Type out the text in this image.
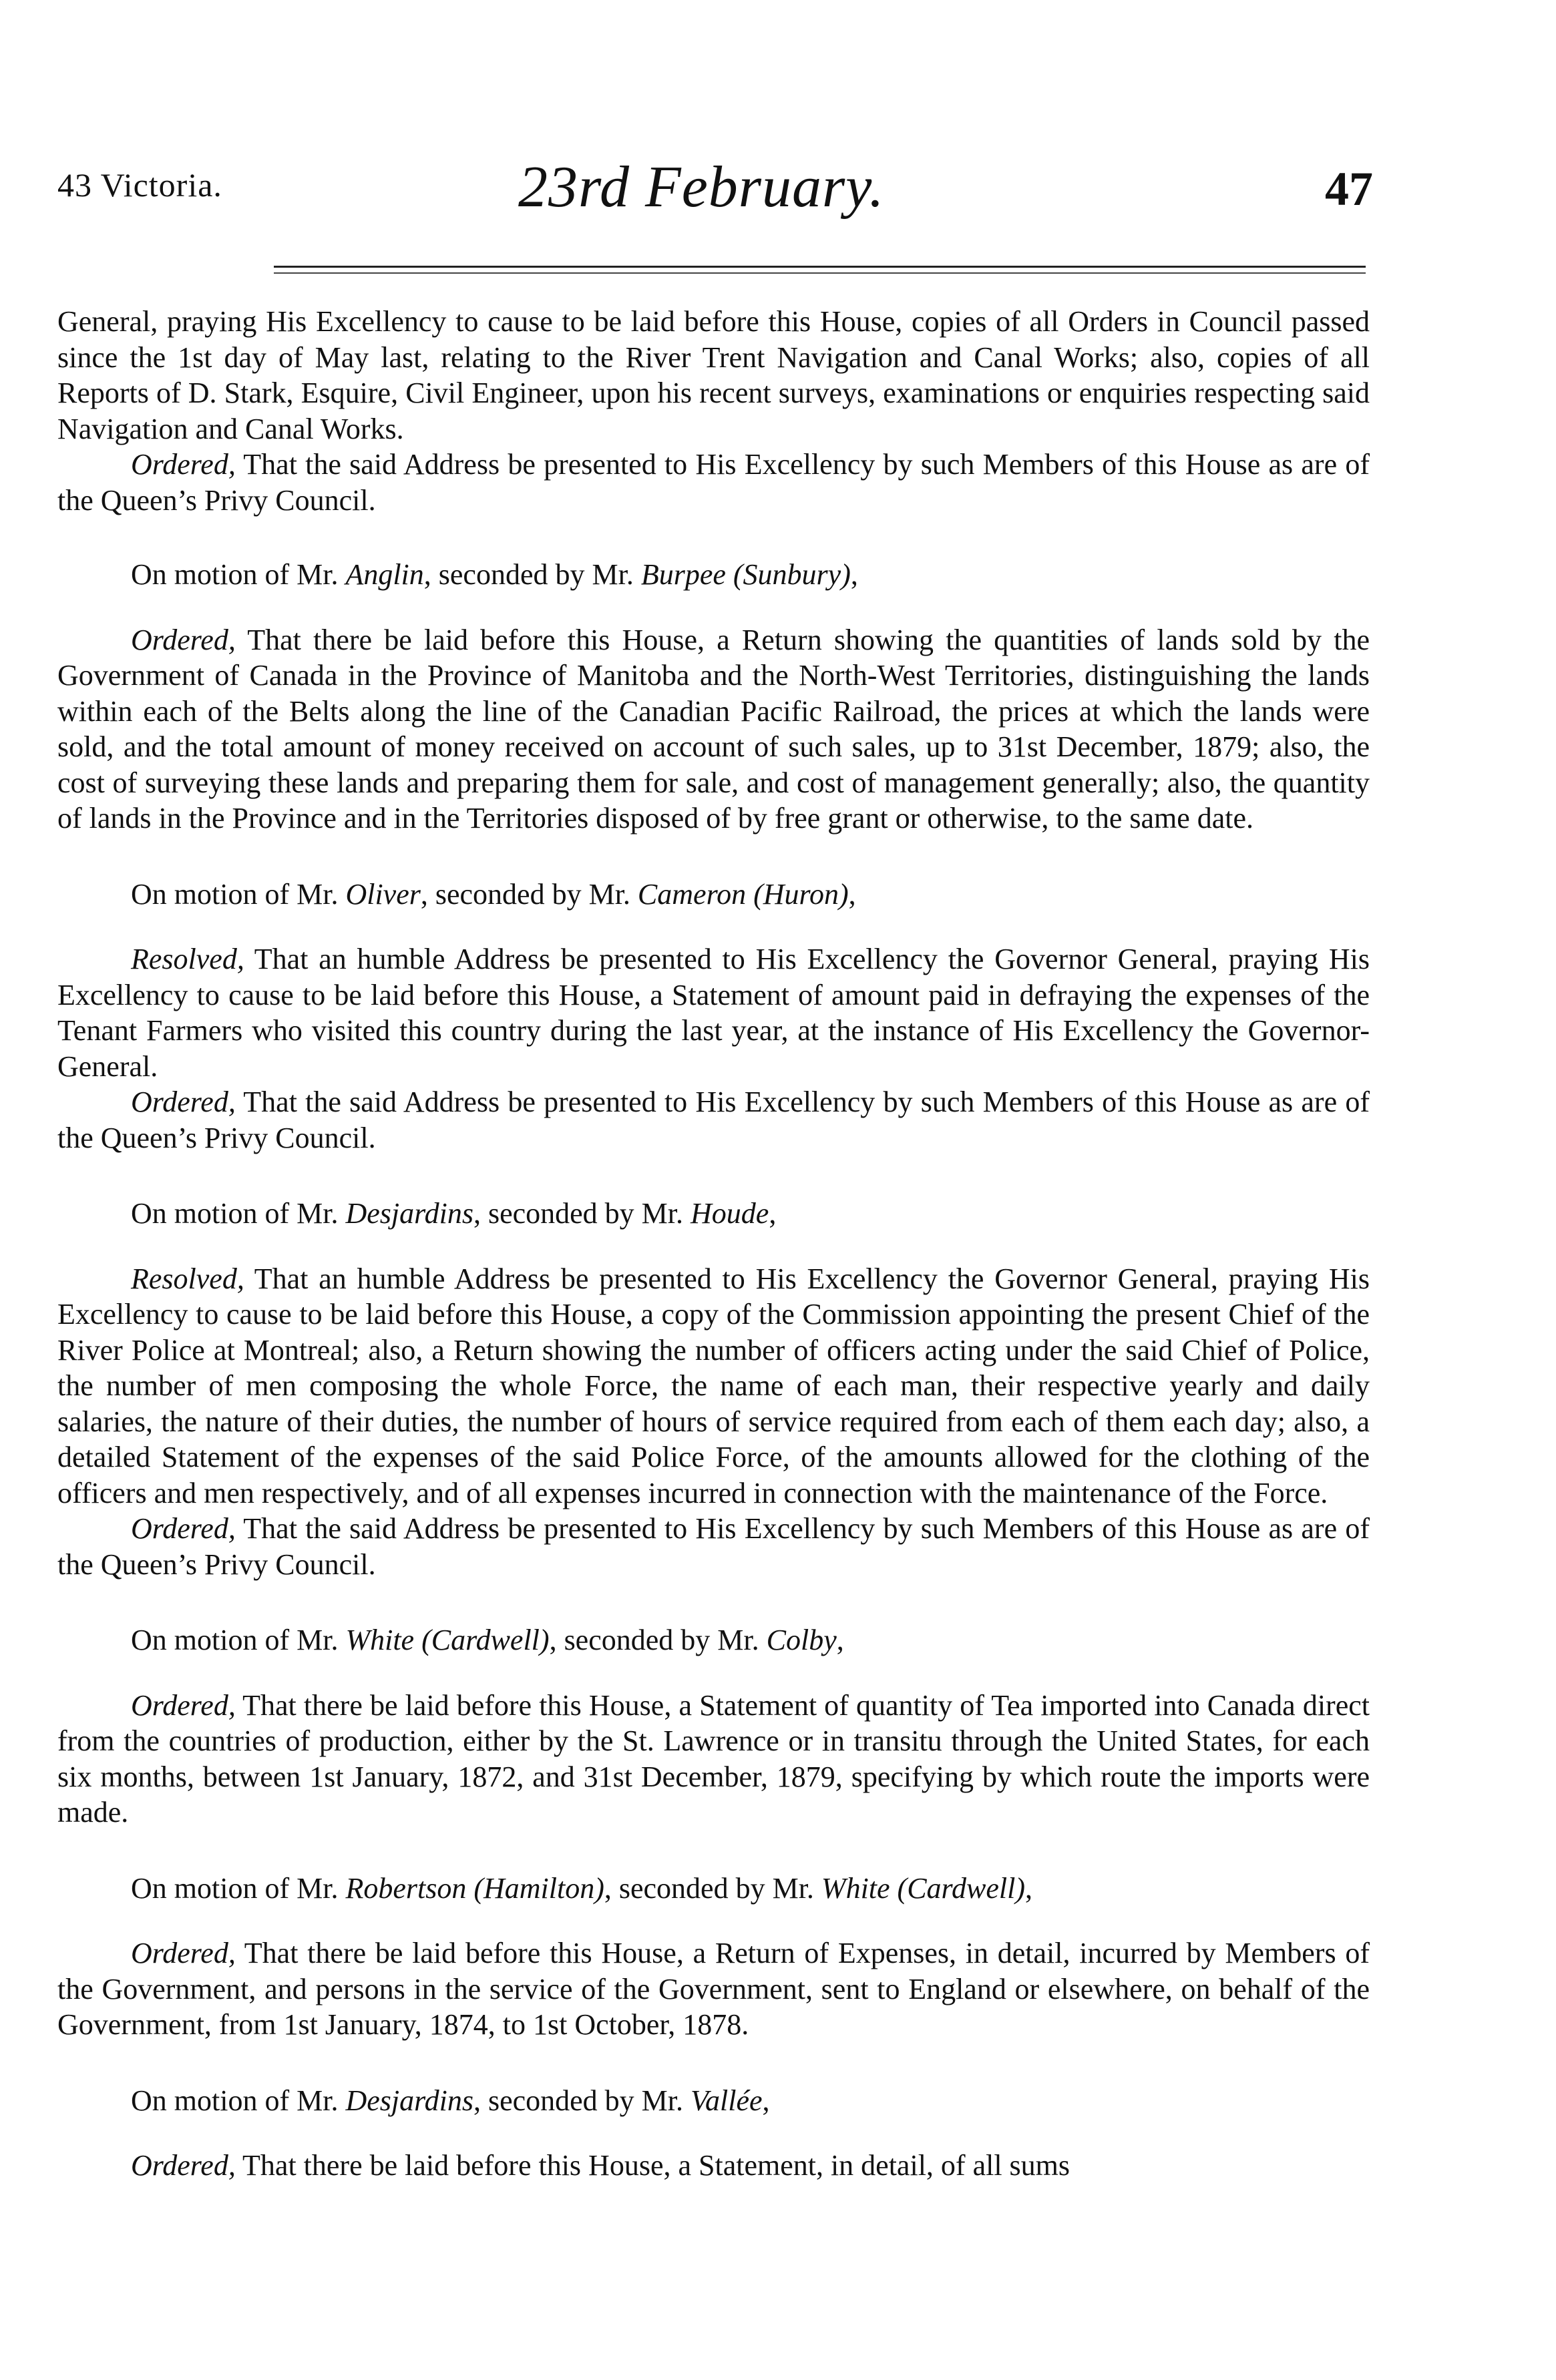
43 Victoria.	23rd February.	47

General, praying His Excellency to cause to be laid before this House, copies of all Orders in Council passed since the 1st day of May last, relating to the River Trent Navigation and Canal Works; also, copies of all Reports of D. Stark, Esquire, Civil Engineer, upon his recent surveys, examinations or enquiries respecting said Navigation and Canal Works.

Ordered, That the said Address be presented to His Excellency by such Members of this House as are of the Queen’s Privy Council.

On motion of Mr. Anglin, seconded by Mr. Burpee (Sunbury),

Ordered, That there be laid before this House, a Return showing the quantities of lands sold by the Government of Canada in the Province of Manitoba and the North-West Territories, distinguishing the lands within each of the Belts along the line of the Canadian Pacific Railroad, the prices at which the lands were sold, and the total amount of money received on account of such sales, up to 31st December, 1879; also, the cost of surveying these lands and preparing them for sale, and cost of management generally; also, the quantity of lands in the Province and in the Territories disposed of by free grant or otherwise, to the same date.

On motion of Mr. Oliver, seconded by Mr. Cameron (Huron),

Resolved, That an humble Address be presented to His Excellency the Governor General, praying His Excellency to cause to be laid before this House, a Statement of amount paid in defraying the expenses of the Tenant Farmers who visited this country during the last year, at the instance of His Excellency the Governor-General.

Ordered, That the said Address be presented to His Excellency by such Members of this House as are of the Queen’s Privy Council.

On motion of Mr. Desjardins, seconded by Mr. Houde,

Resolved, That an humble Address be presented to His Excellency the Governor General, praying His Excellency to cause to be laid before this House, a copy of the Commission appointing the present Chief of the River Police at Montreal; also, a Return showing the number of officers acting under the said Chief of Police, the number of men composing the whole Force, the name of each man, their respective yearly and daily salaries, the nature of their duties, the number of hours of service required from each of them each day; also, a detailed Statement of the expenses of the said Police Force, of the amounts allowed for the clothing of the officers and men respectively, and of all expenses incurred in connection with the maintenance of the Force.

Ordered, That the said Address be presented to His Excellency by such Members of this House as are of the Queen’s Privy Council.

On motion of Mr. White (Cardwell), seconded by Mr. Colby,

Ordered, That there be laid before this House, a Statement of quantity of Tea imported into Canada direct from the countries of production, either by the St. Lawrence or in transitu through the United States, for each six months, between 1st January, 1872, and 31st December, 1879, specifying by which route the imports were made.

On motion of Mr. Robertson (Hamilton), seconded by Mr. White (Cardwell),

Ordered, That there be laid before this House, a Return of Expenses, in detail, incurred by Members of the Government, and persons in the service of the Government, sent to England or elsewhere, on behalf of the Government, from 1st January, 1874, to 1st October, 1878.

On motion of Mr. Desjardins, seconded by Mr. Vallée,

Ordered, That there be laid before this House, a Statement, in detail, of all sums
